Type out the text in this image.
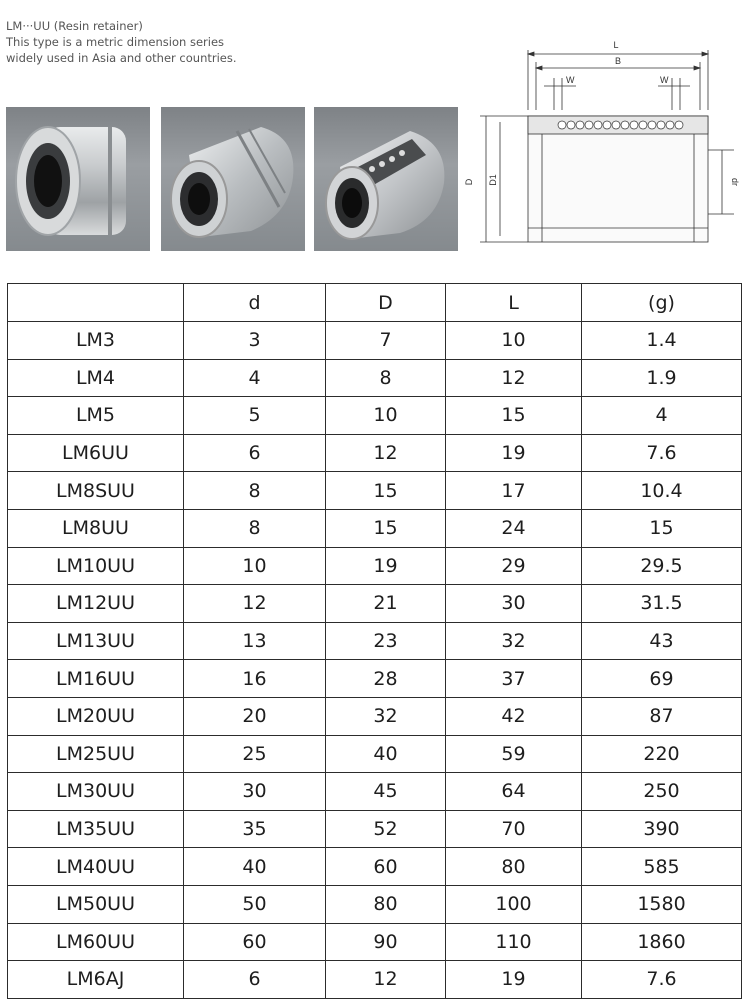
LM···UU (Resin retainer)
This type is a metric dimension series
widely used in Asia and other countries.
L
B
W	W
D D1	dr
	d	D	L	(g)
LM3	3	7	10	1.4
LM4	4	8	12	1.9
LM5	5	10	15	4
LM6UU	6	12	19	7.6
LM8SUU	8	15	17	10.4
LM8UU	8	15	24	15
LM10UU	10	19	29	29.5
LM12UU	12	21	30	31.5
LM13UU	13	23	32	43
LM16UU	16	28	37	69
LM20UU	20	32	42	87
LM25UU	25	40	59	220
LM30UU	30	45	64	250
LM35UU	35	52	70	390
LM40UU	40	60	80	585
LM50UU	50	80	100	1580
LM60UU	60	90	110	1860
LM6AJ	6	12	19	7.6
